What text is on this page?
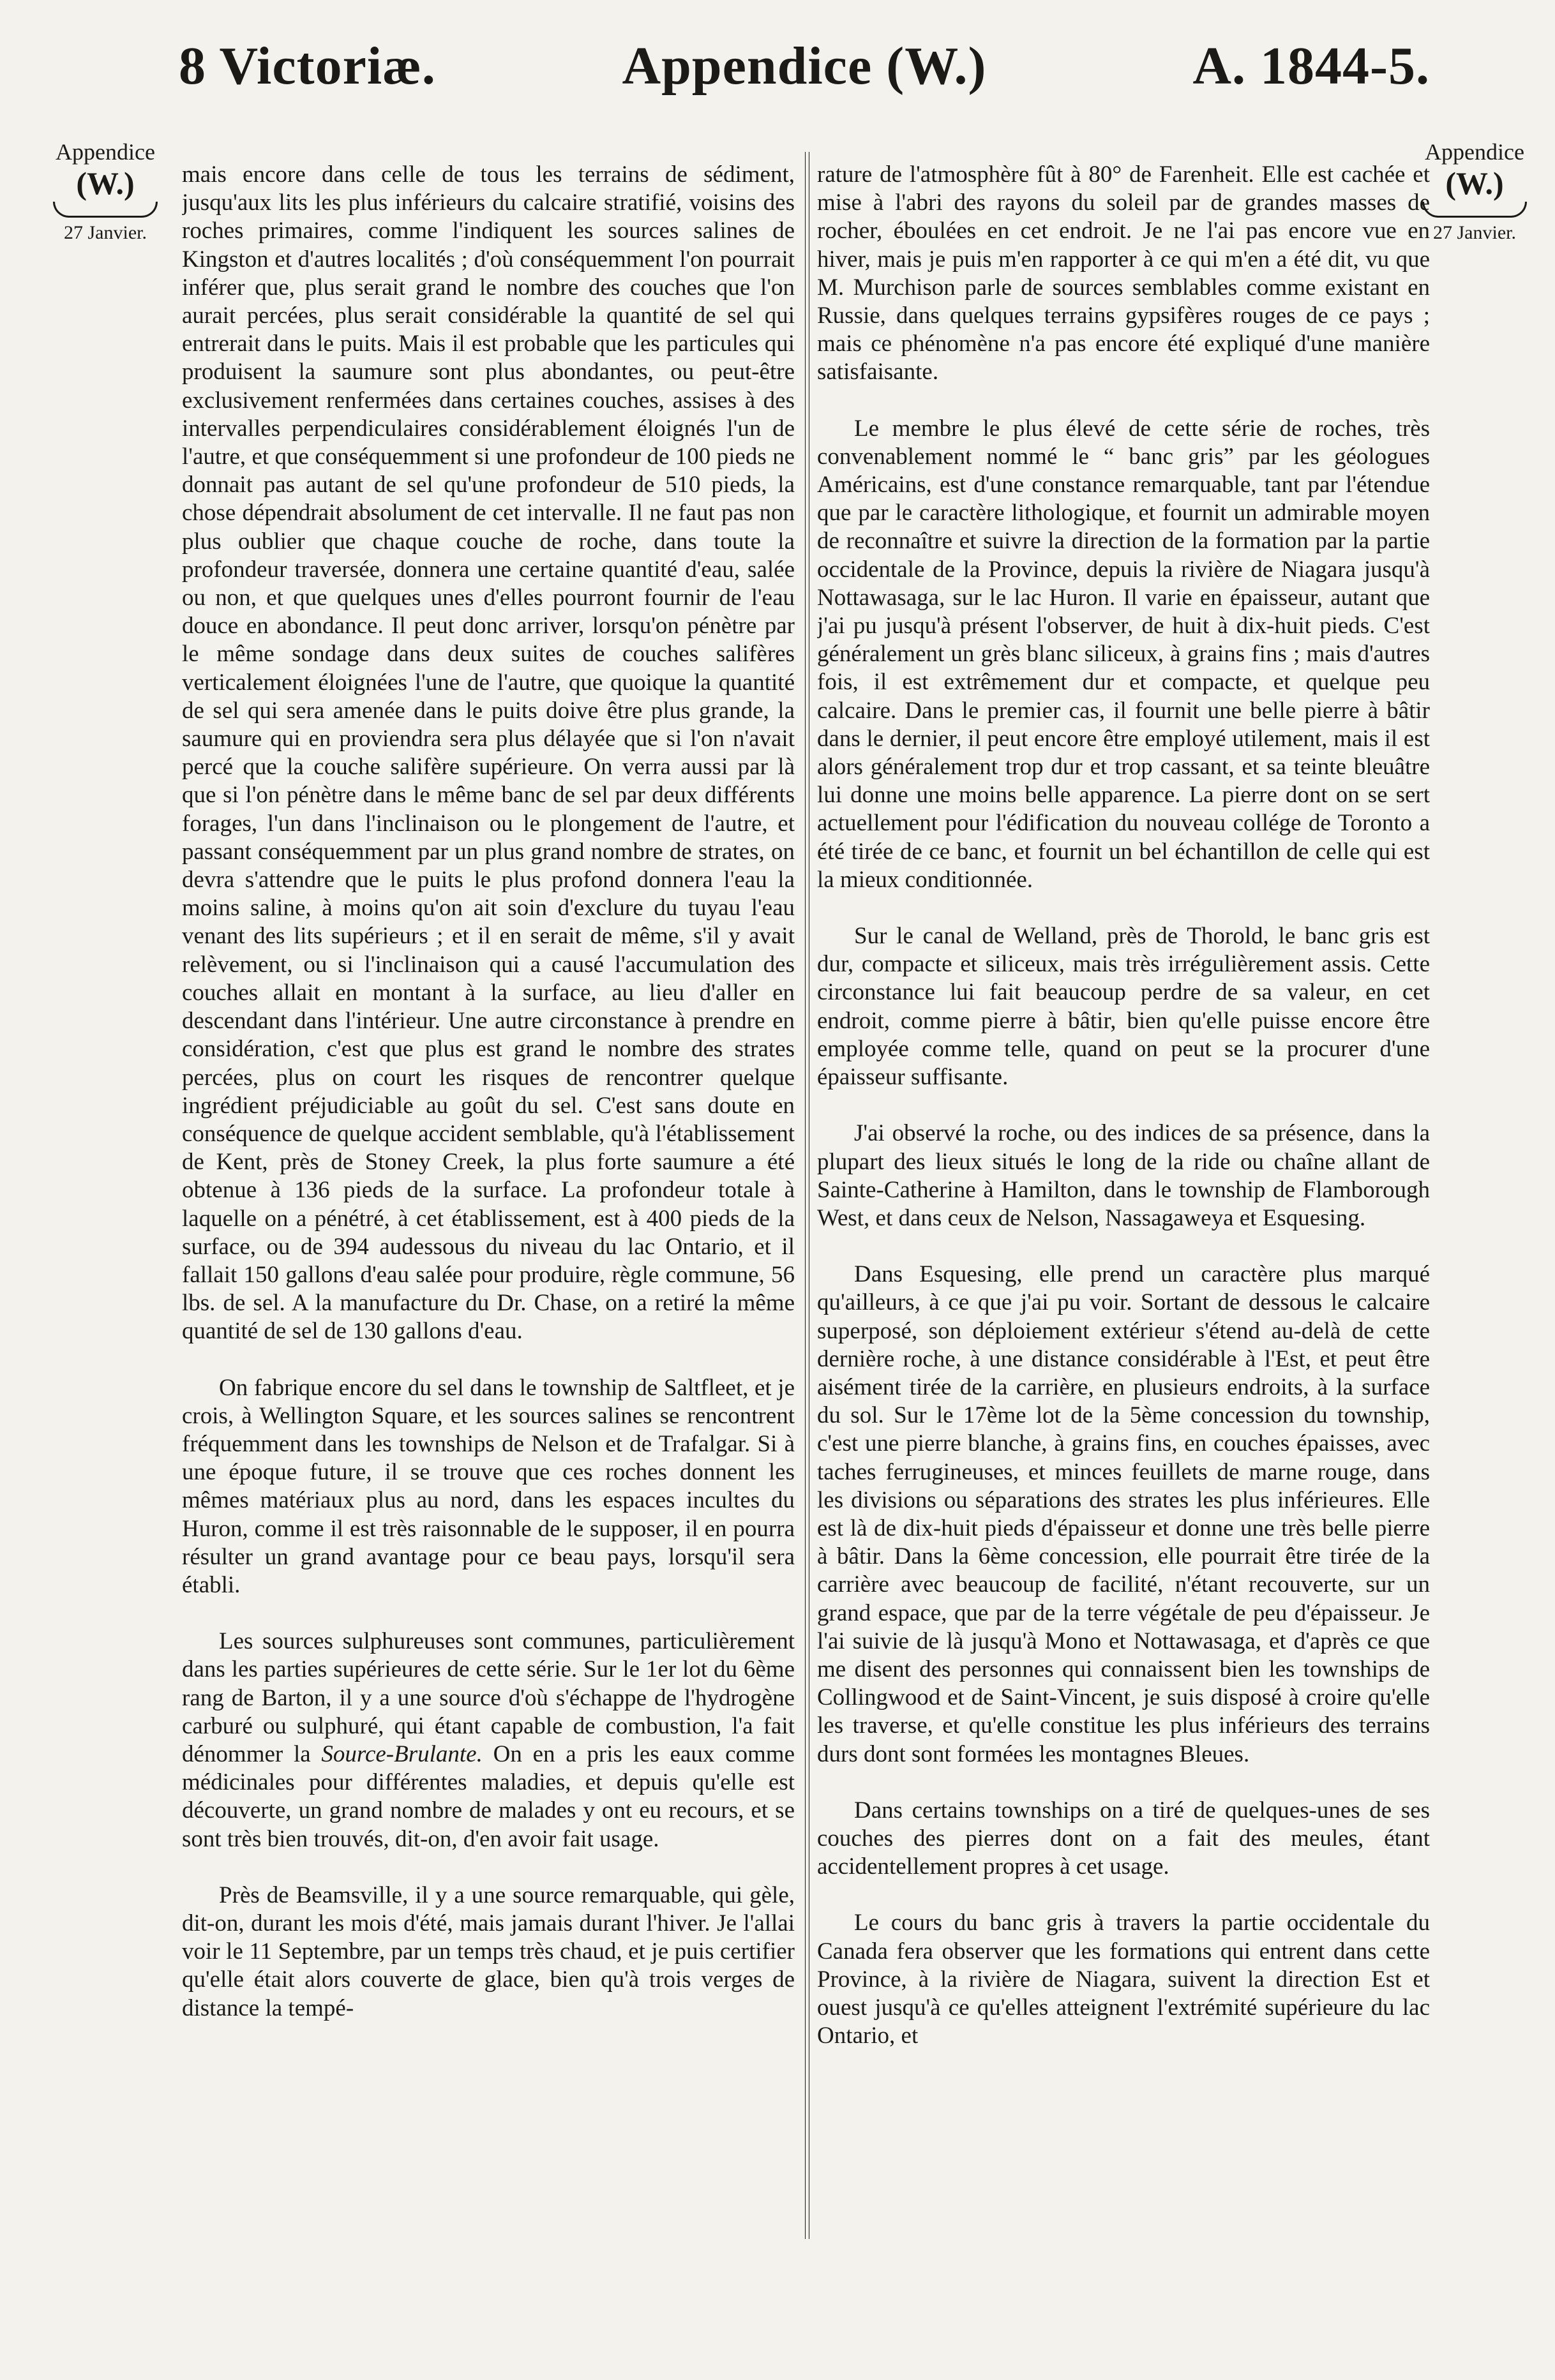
8 Victoriæ.	Appendice (W.)	A. 1844-5.
Appendice
(W.)
27 Janvier.
Appendice
(W.)
27 Janvier.

mais encore dans celle de tous les terrains de sédiment, jusqu'aux lits les plus inférieurs du calcaire stratifié, voisins des roches primaires, comme l'indiquent les sources salines de Kingston et d'autres localités ; d'où conséquemment l'on pourrait inférer que, plus serait grand le nombre des couches que l'on aurait percées, plus serait considérable la quantité de sel qui entrerait dans le puits. Mais il est probable que les particules qui produisent la saumure sont plus abondantes, ou peut-être exclusivement renfermées dans certaines couches, assises à des intervalles perpendiculaires considérablement éloignés l'un de l'autre, et que conséquemment si une profondeur de 100 pieds ne donnait pas autant de sel qu'une profondeur de 510 pieds, la chose dépendrait absolument de cet intervalle. Il ne faut pas non plus oublier que chaque couche de roche, dans toute la profondeur traversée, donnera une certaine quantité d'eau, salée ou non, et que quelques unes d'elles pourront fournir de l'eau douce en abondance. Il peut donc arriver, lorsqu'on pénètre par le même sondage dans deux suites de couches salifères verticalement éloignées l'une de l'autre, que quoique la quantité de sel qui sera amenée dans le puits doive être plus grande, la saumure qui en proviendra sera plus délayée que si l'on n'avait percé que la couche salifère supérieure. On verra aussi par là que si l'on pénètre dans le même banc de sel par deux différents forages, l'un dans l'inclinaison ou le plongement de l'autre, et passant conséquemment par un plus grand nombre de strates, on devra s'attendre que le puits le plus profond donnera l'eau la moins saline, à moins qu'on ait soin d'exclure du tuyau l'eau venant des lits supérieurs ; et il en serait de même, s'il y avait relèvement, ou si l'inclinaison qui a causé l'accumulation des couches allait en montant à la surface, au lieu d'aller en descendant dans l'intérieur. Une autre circonstance à prendre en considération, c'est que plus est grand le nombre des strates percées, plus on court les risques de rencontrer quelque ingrédient préjudiciable au goût du sel. C'est sans doute en conséquence de quelque accident semblable, qu'à l'établissement de Kent, près de Stoney Creek, la plus forte saumure a été obtenue à 136 pieds de la surface. La profondeur totale à laquelle on a pénétré, à cet établissement, est à 400 pieds de la surface, ou de 394 audessous du niveau du lac Ontario, et il fallait 150 gallons d'eau salée pour produire, règle commune, 56 lbs. de sel. A la manufacture du Dr. Chase, on a retiré la même quantité de sel de 130 gallons d'eau.

On fabrique encore du sel dans le township de Saltfleet, et je crois, à Wellington Square, et les sources salines se rencontrent fréquemment dans les townships de Nelson et de Trafalgar. Si à une époque future, il se trouve que ces roches donnent les mêmes matériaux plus au nord, dans les espaces incultes du Huron, comme il est très raisonnable de le supposer, il en pourra résulter un grand avantage pour ce beau pays, lorsqu'il sera établi.

Les sources sulphureuses sont communes, particulièrement dans les parties supérieures de cette série. Sur le 1er lot du 6ème rang de Barton, il y a une source d'où s'échappe de l'hydrogène carburé ou sulphuré, qui étant capable de combustion, l'a fait dénommer la Source-Brulante. On en a pris les eaux comme médicinales pour différentes maladies, et depuis qu'elle est découverte, un grand nombre de malades y ont eu recours, et se sont très bien trouvés, dit-on, d'en avoir fait usage.

Près de Beamsville, il y a une source remarquable, qui gèle, dit-on, durant les mois d'été, mais jamais durant l'hiver. Je l'allai voir le 11 Septembre, par un temps très chaud, et je puis certifier qu'elle était alors couverte de glace, bien qu'à trois verges de distance la tempé-

rature de l'atmosphère fût à 80° de Farenheit. Elle est cachée et mise à l'abri des rayons du soleil par de grandes masses de rocher, éboulées en cet endroit. Je ne l'ai pas encore vue en hiver, mais je puis m'en rapporter à ce qui m'en a été dit, vu que M. Murchison parle de sources semblables comme existant en Russie, dans quelques terrains gypsifères rouges de ce pays ; mais ce phénomène n'a pas encore été expliqué d'une manière satisfaisante.

Le membre le plus élevé de cette série de roches, très convenablement nommé le “ banc gris” par les géologues Américains, est d'une constance remarquable, tant par l'étendue que par le caractère lithologique, et fournit un admirable moyen de reconnaître et suivre la direction de la formation par la partie occidentale de la Province, depuis la rivière de Niagara jusqu'à Nottawasaga, sur le lac Huron. Il varie en épaisseur, autant que j'ai pu jusqu'à présent l'observer, de huit à dix-huit pieds. C'est généralement un grès blanc siliceux, à grains fins ; mais d'autres fois, il est extrêmement dur et compacte, et quelque peu calcaire. Dans le premier cas, il fournit une belle pierre à bâtir dans le dernier, il peut encore être employé utilement, mais il est alors généralement trop dur et trop cassant, et sa teinte bleuâtre lui donne une moins belle apparence. La pierre dont on se sert actuellement pour l'édification du nouveau collége de Toronto a été tirée de ce banc, et fournit un bel échantillon de celle qui est la mieux conditionnée.

Sur le canal de Welland, près de Thorold, le banc gris est dur, compacte et siliceux, mais très irrégulièrement assis. Cette circonstance lui fait beaucoup perdre de sa valeur, en cet endroit, comme pierre à bâtir, bien qu'elle puisse encore être employée comme telle, quand on peut se la procurer d'une épaisseur suffisante.

J'ai observé la roche, ou des indices de sa présence, dans la plupart des lieux situés le long de la ride ou chaîne allant de Sainte-Catherine à Hamilton, dans le township de Flamborough West, et dans ceux de Nelson, Nassagaweya et Esquesing.

Dans Esquesing, elle prend un caractère plus marqué qu'ailleurs, à ce que j'ai pu voir. Sortant de dessous le calcaire superposé, son déploiement extérieur s'étend au-delà de cette dernière roche, à une distance considérable à l'Est, et peut être aisément tirée de la carrière, en plusieurs endroits, à la surface du sol. Sur le 17ème lot de la 5ème concession du township, c'est une pierre blanche, à grains fins, en couches épaisses, avec taches ferrugineuses, et minces feuillets de marne rouge, dans les divisions ou séparations des strates les plus inférieures. Elle est là de dix-huit pieds d'épaisseur et donne une très belle pierre à bâtir. Dans la 6ème concession, elle pourrait être tirée de la carrière avec beaucoup de facilité, n'étant recouverte, sur un grand espace, que par de la terre végétale de peu d'épaisseur. Je l'ai suivie de là jusqu'à Mono et Nottawasaga, et d'après ce que me disent des personnes qui connaissent bien les townships de Collingwood et de Saint-Vincent, je suis disposé à croire qu'elle les traverse, et qu'elle constitue les plus inférieurs des terrains durs dont sont formées les montagnes Bleues.

Dans certains townships on a tiré de quelques-unes de ses couches des pierres dont on a fait des meules, étant accidentellement propres à cet usage.

Le cours du banc gris à travers la partie occidentale du Canada fera observer que les formations qui entrent dans cette Province, à la rivière de Niagara, suivent la direction Est et ouest jusqu'à ce qu'elles atteignent l'extrémité supérieure du lac Ontario, et
